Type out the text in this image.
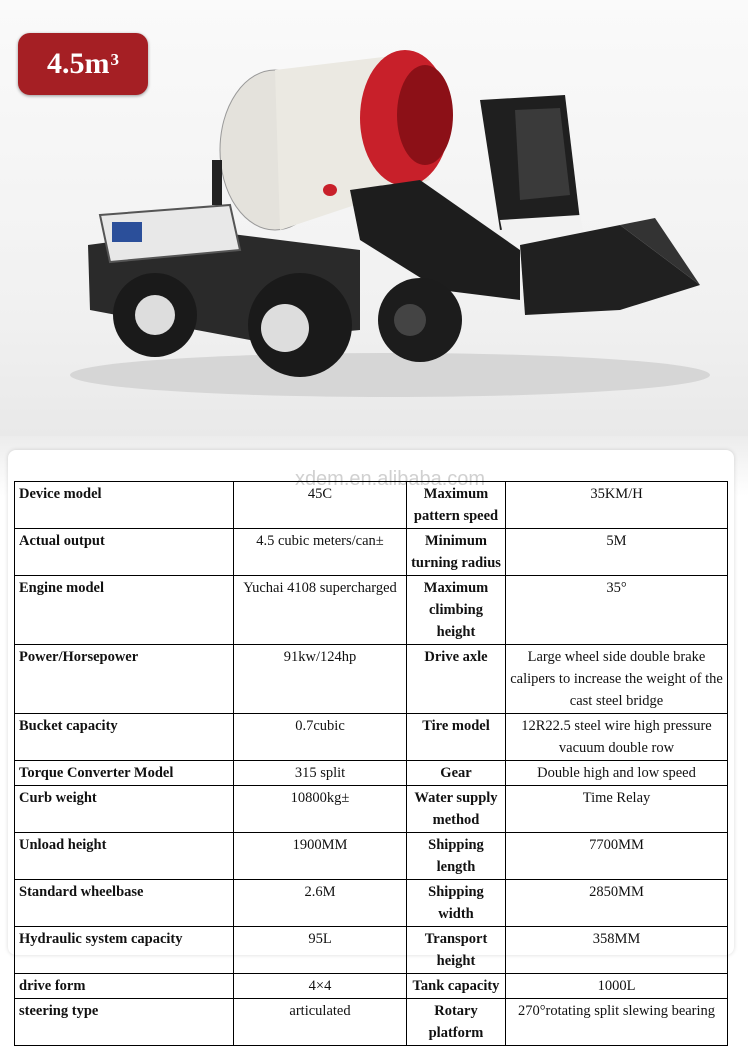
$4.5m^3$
xdem.en.alibaba.com
Device model	45C	Maximum pattern speed	35KM/H
Actual output	4.5 cubic meters/can±	Minimum turning radius	5M
Engine model	Yuchai 4108 supercharged	Maximum climbing height	35°
Power/Horsepower	91kw/124hp	Drive axle	Large wheel side double brake calipers to increase the weight of the cast steel bridge
Bucket capacity	0.7cubic	Tire model	12R22.5 steel wire high pressure vacuum double row
Torque Converter Model	315 split	Gear	Double high and low speed
Curb weight	10800kg±	Water supply method	Time Relay
Unload height	1900MM	Shipping length	7700MM
Standard wheelbase	2.6M	Shipping width	2850MM
Hydraulic system capacity	95L	Transport height	358MM
drive form	4×4	Tank capacity	1000L
steering type	articulated	Rotary platform	270°rotating split slewing bearing
